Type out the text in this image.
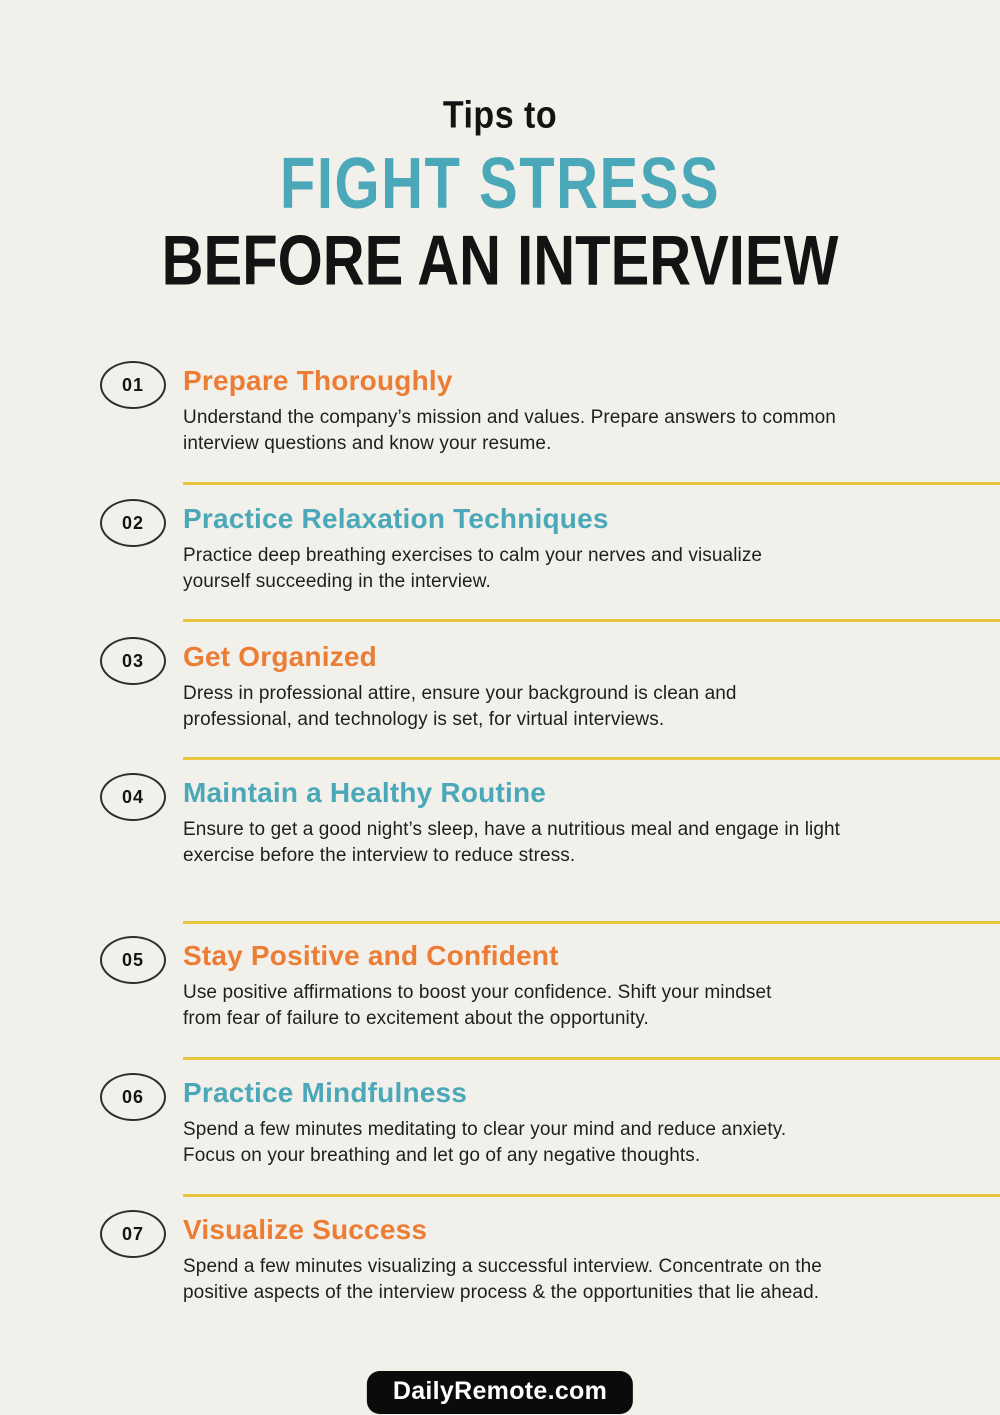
Tips to
FIGHT STRESS
BEFORE AN INTERVIEW
01 Prepare Thoroughly
Understand the company’s mission and values. Prepare answers to common
interview questions and know your resume.
02 Practice Relaxation Techniques
Practice deep breathing exercises to calm your nerves and visualize
yourself succeeding in the interview.
03 Get Organized
Dress in professional attire, ensure your background is clean and
professional, and technology is set, for virtual interviews.
04 Maintain a Healthy Routine
Ensure to get a good night’s sleep, have a nutritious meal and engage in light
exercise before the interview to reduce stress.
05 Stay Positive and Confident
Use positive affirmations to boost your confidence. Shift your mindset
from fear of failure to excitement about the opportunity.
06 Practice Mindfulness
Spend a few minutes meditating to clear your mind and reduce anxiety.
Focus on your breathing and let go of any negative thoughts.
07 Visualize Success
Spend a few minutes visualizing a successful interview. Concentrate on the
positive aspects of the interview process & the opportunities that lie ahead.
DailyRemote.com
